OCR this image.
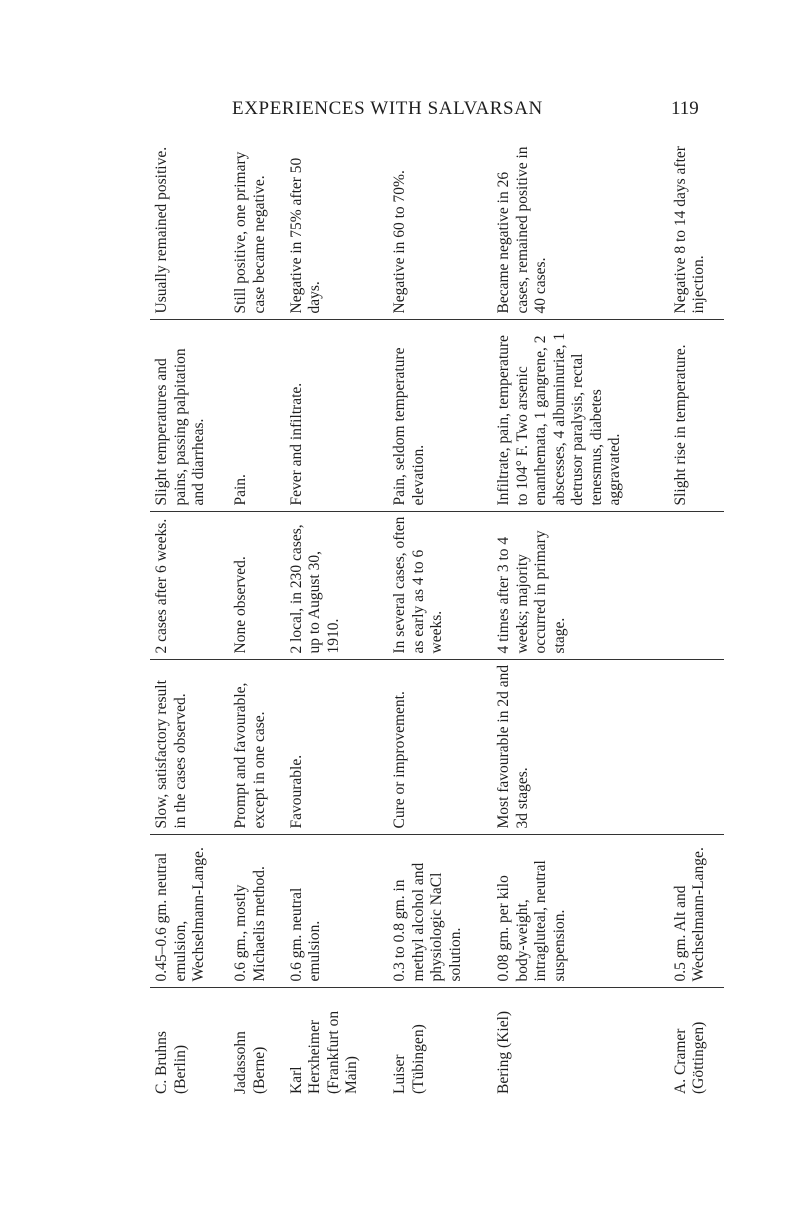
EXPERIENCES WITH SALVARSAN	119
C. Bruhns (Berlin)	0.45–0.6 gm. neutral emulsion, Wechselmann-Lange.	Slow, satisfactory result in the cases observed.	2 cases after 6 weeks.	Slight temperatures and pains, passing palpitation and diarrheas.	Usually remained positive.
Jadassohn (Berne)	0.6 gm., mostly Michaelis method.	Prompt and favourable, except in one case.	None observed.	Pain.	Still positive, one primary case became negative.
Karl Herxheimer (Frankfurt on Main)	0.6 gm. neutral emulsion.	Favourable.	2 local, in 230 cases, up to August 30, 1910.	Fever and infiltrate.	Negative in 75% after 50 days.
Luiser (Tübingen)	0.3 to 0.8 gm. in methyl alcohol and physiologic NaCl solution.	Cure or improvement.	In several cases, often as early as 4 to 6 weeks.	Pain, seldom temperature elevation.	Negative in 60 to 70%.
Bering (Kiel)	0.08 gm. per kilo body-weight, intragluteal, neutral suspension.	Most favourable in 2d and 3d stages.	4 times after 3 to 4 weeks; majority occurred in primary stage.	Infiltrate, pain, temperature to 104° F. Two arsenic enanthemata, 1 gangrene, 2 abscesses, 4 albuminuriæ, 1 detrusor paralysis, rectal tenesmus, diabetes aggravated.	Became negative in 26 cases, remained positive in 40 cases.
A. Cramer (Göttingen)	0.5 gm. Alt and Wechselmann-Lange.			Slight rise in temperature.	Negative 8 to 14 days after injection.
